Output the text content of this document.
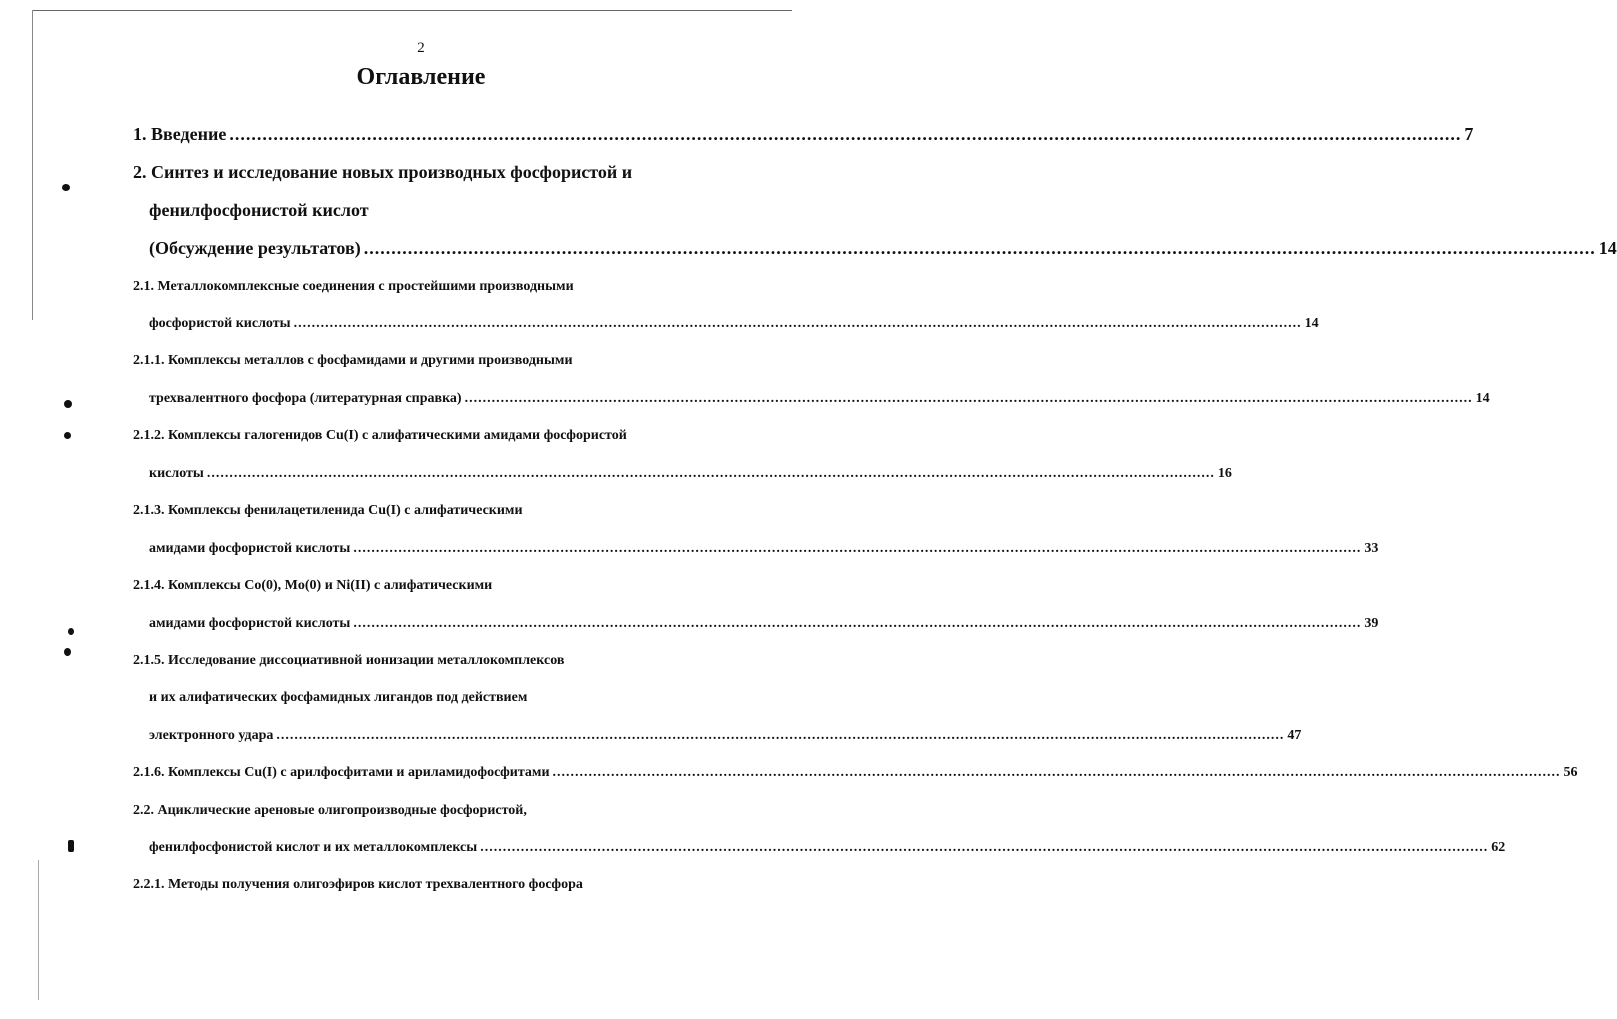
2
Оглавление
1. Введение ................................................................................................................................................................................................................................ 7
2. Синтез и исследование новых производных фосфористой и
фенилфосфонистой кислот
(Обсуждение результатов) ................................................................................................................................................................................................................................ 14
2.1. Металлокомплексные соединения с простейшими производными
фосфористой кислоты ................................................................................................................................................................................................................................ 14
2.1.1. Комплексы металлов с фосфамидами и другими производными
трехвалентного фосфора (литературная справка) ................................................................................................................................................................................................................................ 14
2.1.2. Комплексы галогенидов Cu(I) с алифатическими амидами фосфористой
кислоты ................................................................................................................................................................................................................................ 16
2.1.3. Комплексы фенилацетиленида Cu(I) с алифатическими
амидами фосфористой кислоты ................................................................................................................................................................................................................................ 33
2.1.4. Комплексы Co(0), Mo(0) и Ni(II) с алифатическими
амидами фосфористой кислоты ................................................................................................................................................................................................................................ 39
2.1.5. Исследование диссоциативной ионизации металлокомплексов
и их алифатических фосфамидных лигандов под действием
электронного удара ................................................................................................................................................................................................................................ 47
2.1.6. Комплексы Cu(I) с арилфосфитами и ариламидофосфитами ................................................................................................................................................................................................................................ 56
2.2. Ациклические ареновые олигопроизводные фосфористой,
фенилфосфонистой кислот и их металлокомплексы ................................................................................................................................................................................................................................ 62
2.2.1. Методы получения олигоэфиров кислот трехвалентного фосфора
